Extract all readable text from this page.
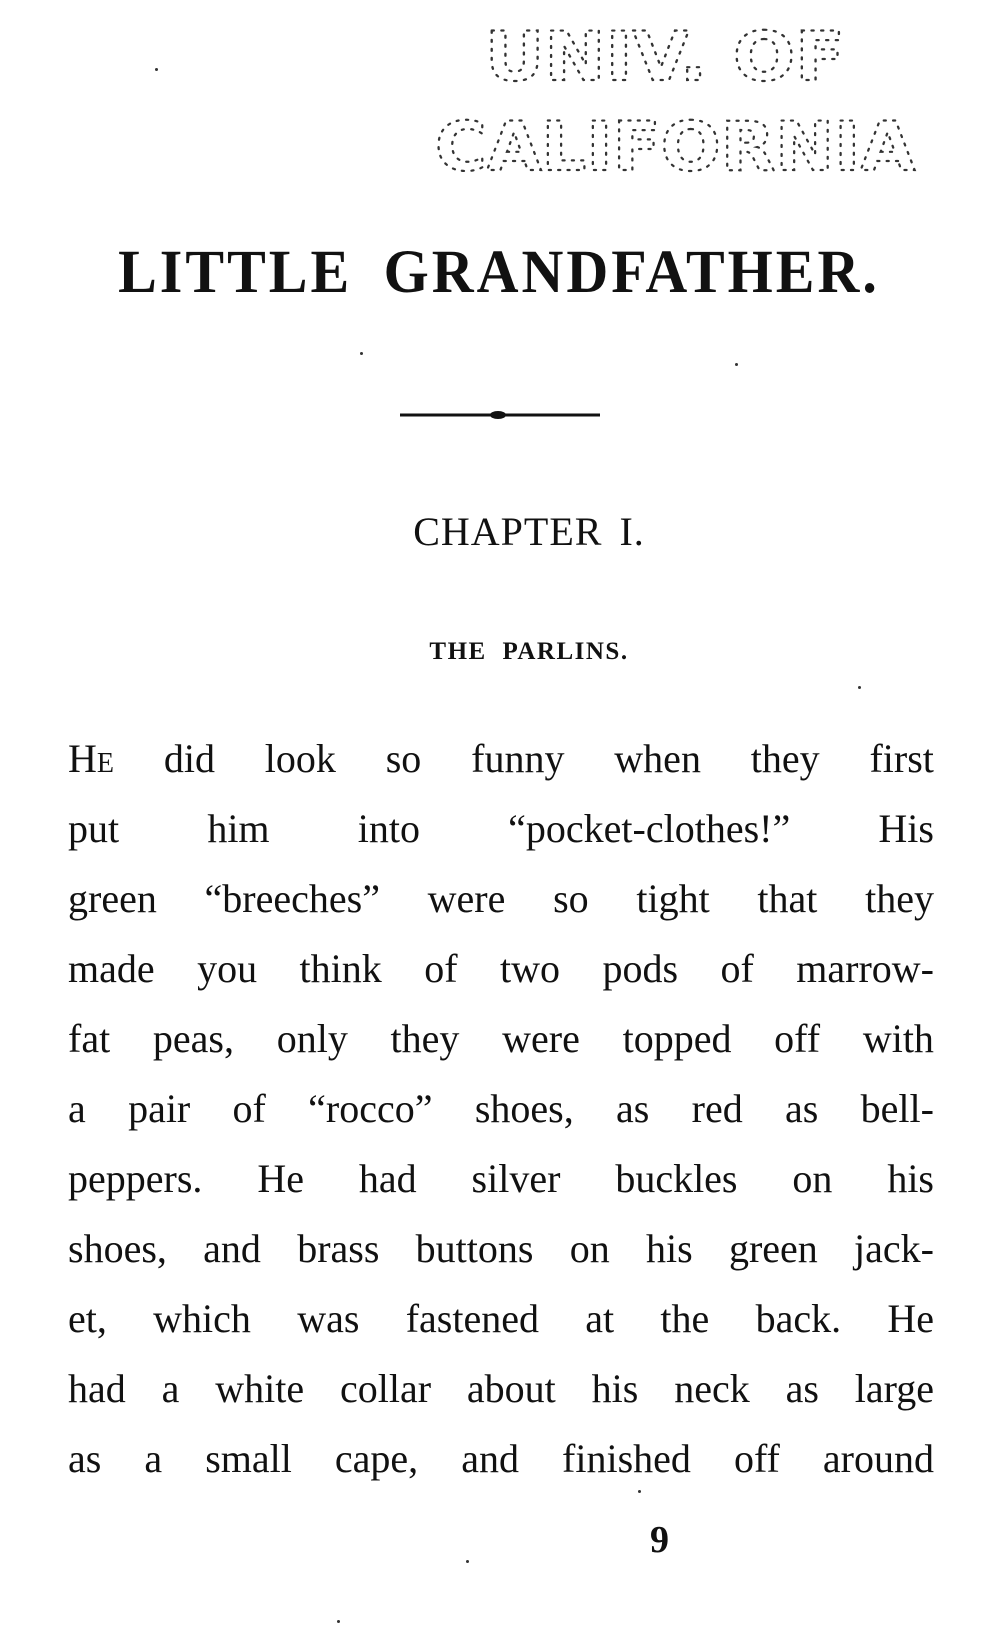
UNIV. OF
CALIFORNIA
LITTLE GRANDFATHER.
CHAPTER I.
THE PARLINS.
He did look so funny when they first
put him into “pocket-clothes!” His
green “breeches” were so tight that they
made you think of two pods of marrow-
fat peas, only they were topped off with
a pair of “rocco” shoes, as red as bell-
peppers. He had silver buckles on his
shoes, and brass buttons on his green jack-
et, which was fastened at the back. He
had a white collar about his neck as large
as a small cape, and finished off around
9
